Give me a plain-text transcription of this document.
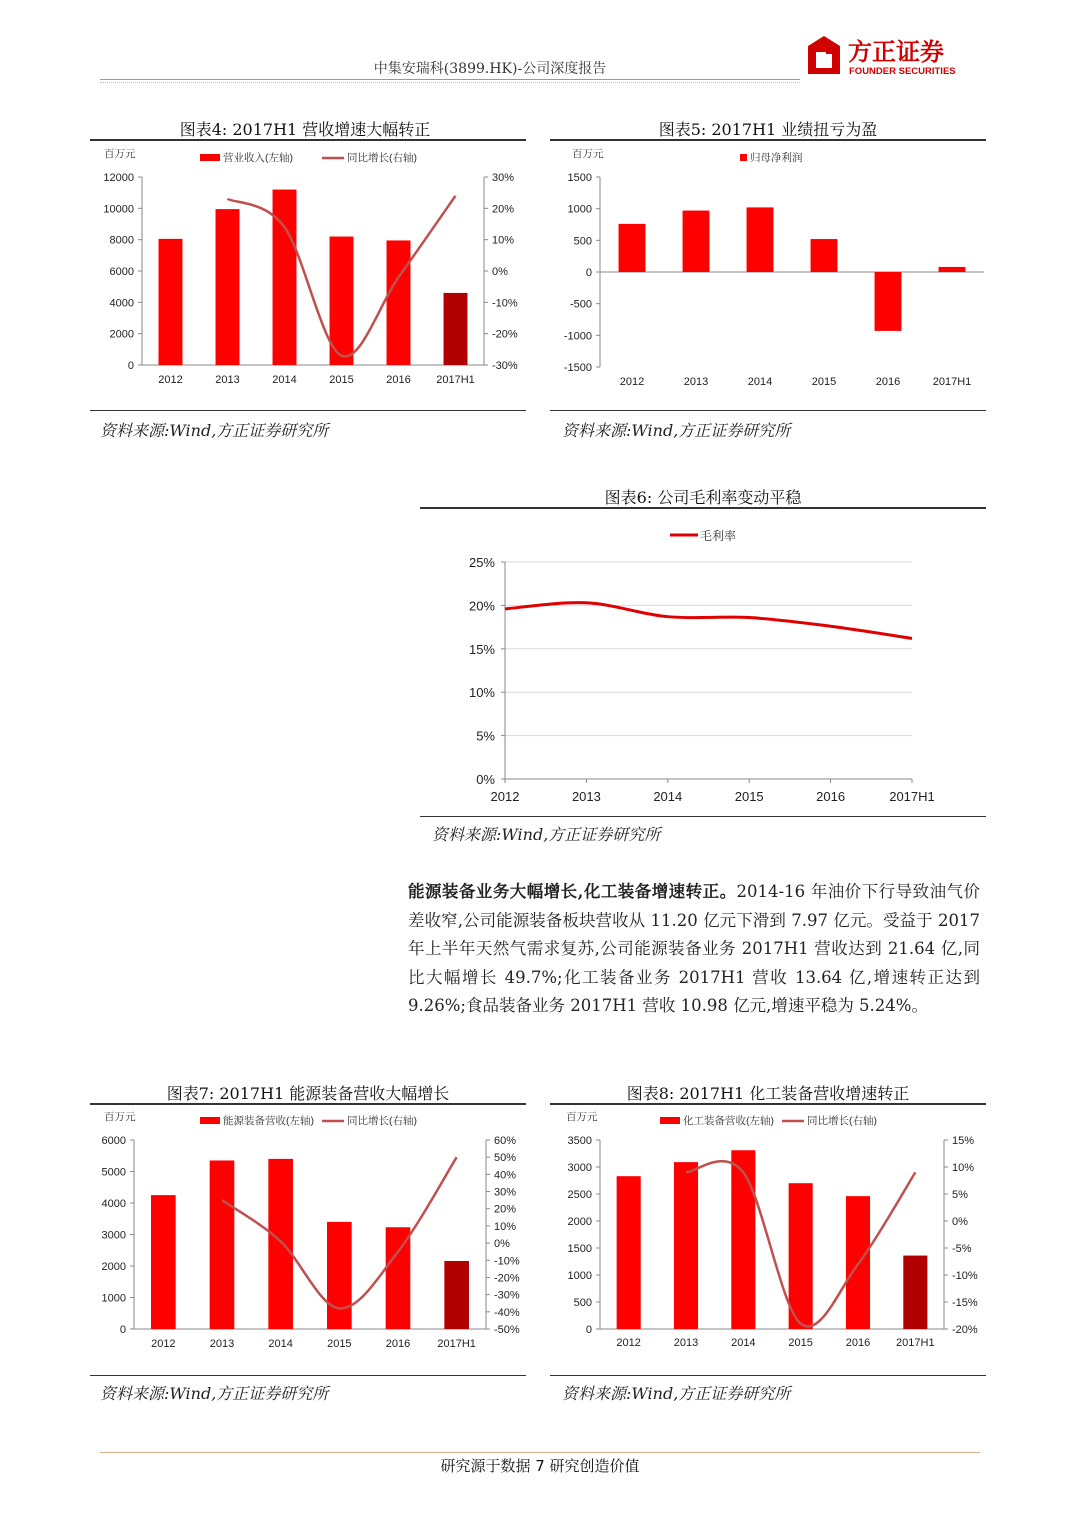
中集安瑞科(3899.HK)-公司深度报告
方正证券
FOUNDER SECURITIES
图表4: 2017H1 营收增速大幅转正
0
2000
4000
6000
8000
10000
12000
-30%
-20%
-10%
0%
10%
20%
30%
百万元
2012	2013	2014	2015	2016 2017H1
营业收入(左轴)	同比增长(右轴)
资料来源:Wind,方正证券研究所
图表5: 2017H1 业绩扭亏为盈
-1500
-1000
-500
0
500
1000
1500
百万元
2012	2013	2014	2015	2016	2017H1
归母净利润
资料来源:Wind,方正证券研究所
图表6: 公司毛利率变动平稳
0%
5%
10%
15%
20%
25%
2012	2013	2014	2015	2016	2017H1
毛利率
资料来源:Wind,方正证券研究所
能源装备业务大幅增长,化工装备增速转正。2014-16 年油价下行导致油气价差收窄,公司能源装备板块营收从 11.20 亿元下滑到 7.97 亿元。受益于 2017 年上半年天然气需求复苏,公司能源装备业务 2017H1 营收达到 21.64 亿,同比大幅增长 49.7%;化工装备业务 2017H1 营收 13.64 亿,增速转正达到 9.26%;食品装备业务 2017H1 营收 10.98 亿元,增速平稳为 5.24%。
图表7: 2017H1 能源装备营收大幅增长
0
1000
2000
3000
4000
5000
6000
-50%
-40%
-30%
-20%
-10%
0%
10%
20%
30%
40%
50%
60%
百万元
2012	2013	2014	2015	2016 2017H1
能源装备营收(左轴)	同比增长(右轴)
资料来源:Wind,方正证券研究所
图表8: 2017H1 化工装备营收增速转正
0
500
1000
1500
2000
2500
3000
3500
-20%
-15%
-10%
-5%
0%
5%
10%
15%
百万元
2012	2013	2014	2015	2016 2017H1
化工装备营收(左轴)	同比增长(右轴)
资料来源:Wind,方正证券研究所
研究源于数据 7 研究创造价值
